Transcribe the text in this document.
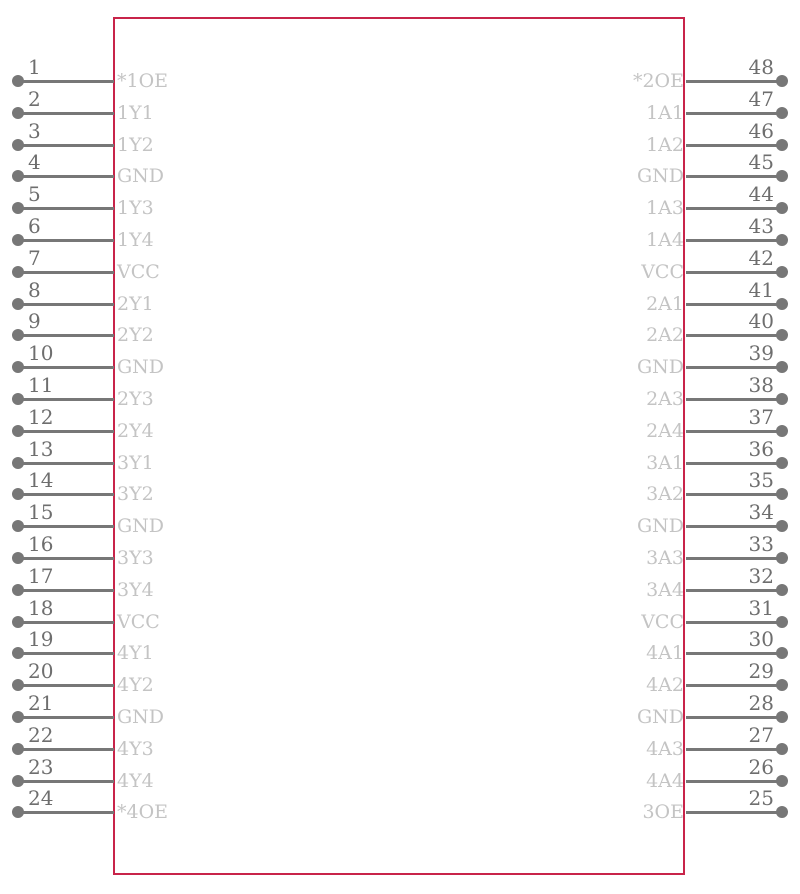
1
*1OE
2
1Y1
3
1Y2
4
GND
5
1Y3
6
1Y4
7
VCC
8
2Y1
9
2Y2
10
GND
11
2Y3
12
2Y4
13
3Y1
14
3Y2
15
GND
16
3Y3
17
3Y4
18
VCC
19
4Y1
20
4Y2
21
GND
22
4Y3
23
4Y4
24
*4OE
48
*2OE
47
1A1
46
1A2
45
GND
44
1A3
43
1A4
42
VCC
41
2A1
40
2A2
39
GND
38
2A3
37
2A4
36
3A1
35
3A2
34
GND
33
3A3
32
3A4
31
VCC
30
4A1
29
4A2
28
GND
27
4A3
26
4A4
25
3OE
